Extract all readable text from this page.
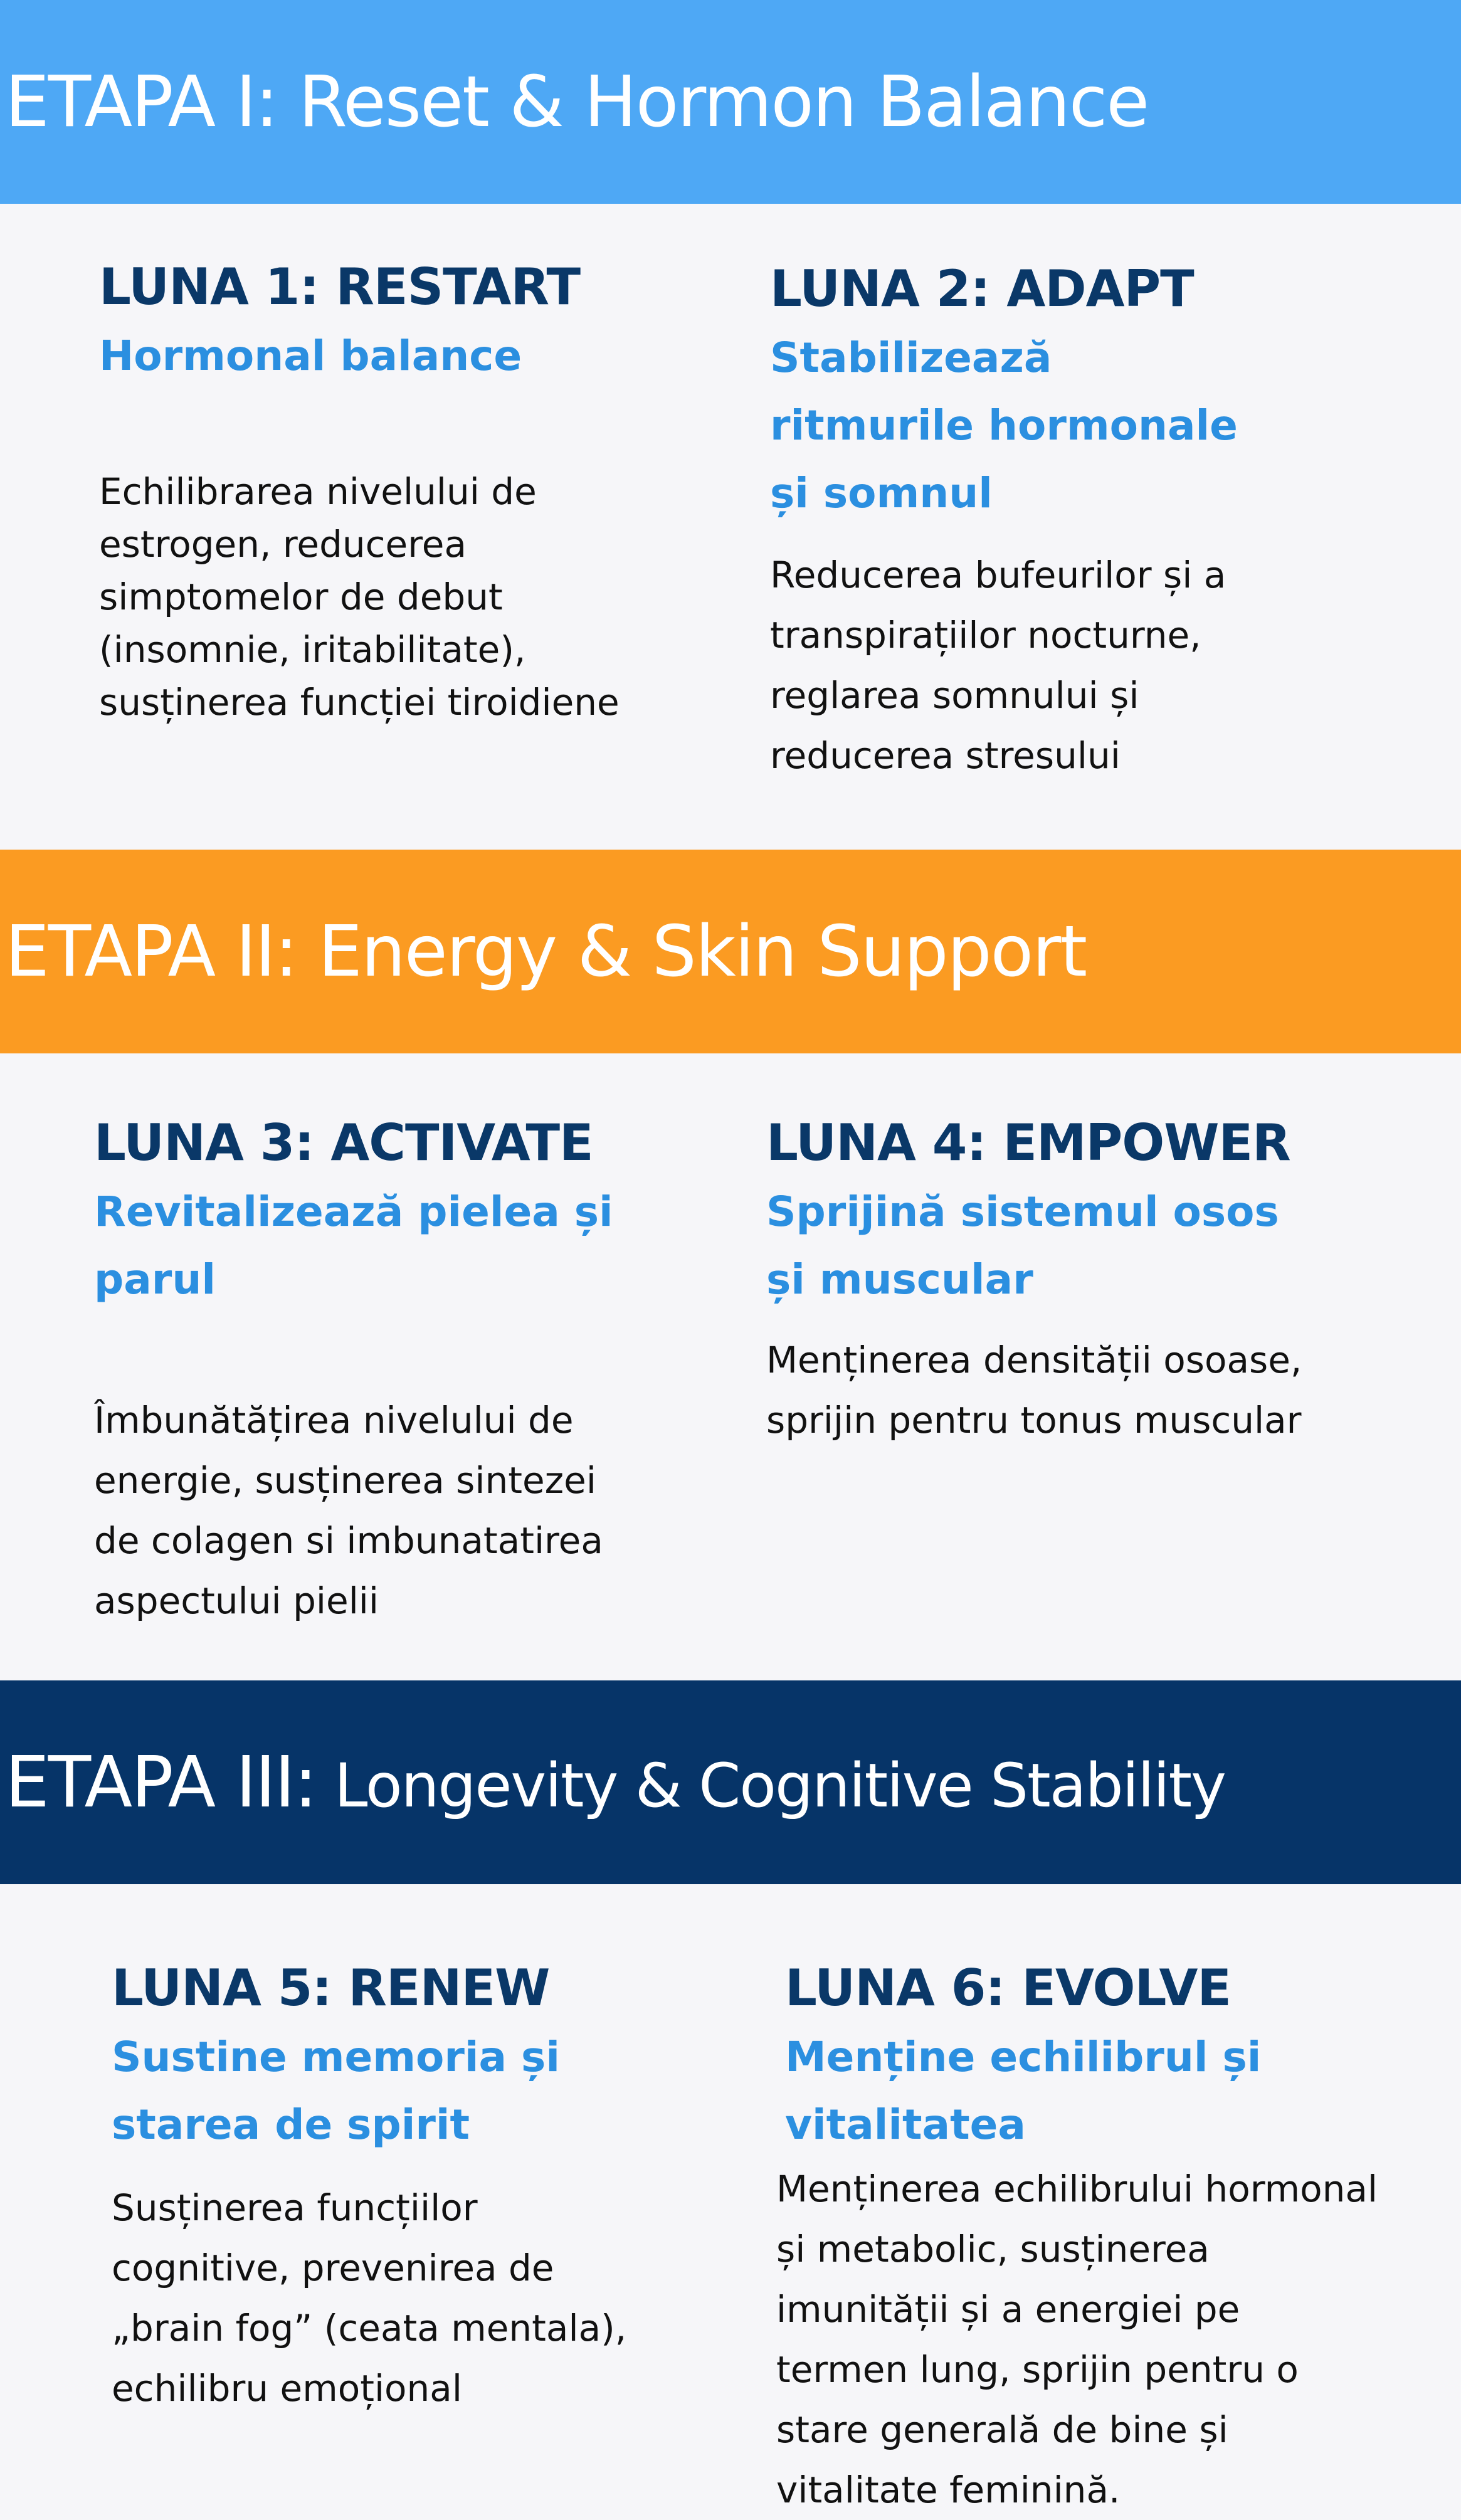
ETAPA I: Reset & Hormon Balance
LUNA 1: RESTART
Hormonal balance
Echilibrarea nivelului de estrogen, reducerea simptomelor de debut (insomnie, iritabilitate), susținerea funcției tiroidiene
LUNA 2: ADAPT
Stabilizează ritmurile hormonale și somnul
Reducerea bufeurilor și a transpirațiilor nocturne, reglarea somnului și reducerea stresului
ETAPA II: Energy & Skin Support
LUNA 3: ACTIVATE
Revitalizează pielea și parul
Îmbunătățirea nivelului de energie, susținerea sintezei de colagen si imbunatatirea aspectului pielii
LUNA 4: EMPOWER
Sprijină sistemul osos și muscular
Menținerea densității osoase, sprijin pentru tonus muscular
ETAPA III: Longevity & Cognitive Stability
LUNA 5: RENEW
Sustine memoria și starea de spirit
Susținerea funcțiilor cognitive, prevenirea de „brain fog” (ceata mentala), echilibru emoțional
LUNA 6: EVOLVE
Menține echilibrul și vitalitatea
Menținerea echilibrului hormonal și metabolic, susținerea imunității și a energiei pe termen lung, sprijin pentru o stare generală de bine și vitalitate feminină.
